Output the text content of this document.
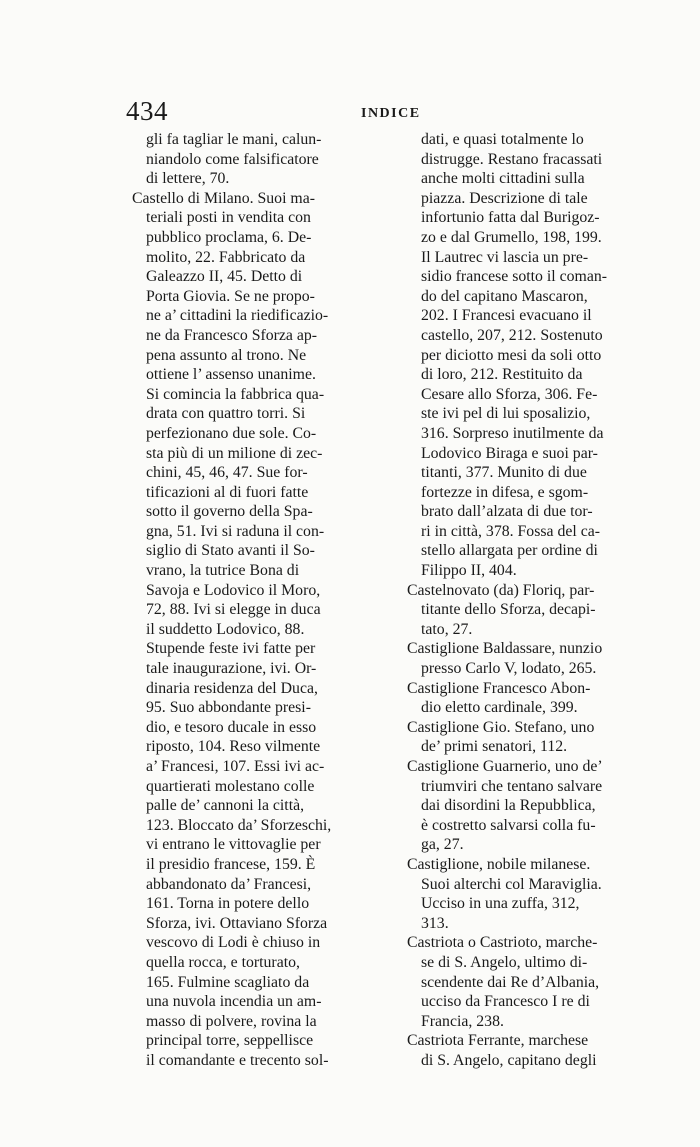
434	INDICE
gli fa tagliar le mani, calun-
niandolo come falsificatore
di lettere, 70.
Castello di Milano. Suoi ma-
teriali posti in vendita con
pubblico proclama, 6. De-
molito, 22. Fabbricato da
Galeazzo II, 45. Detto di
Porta Giovia. Se ne propo-
ne a’ cittadini la riedificazio-
ne da Francesco Sforza ap-
pena assunto al trono. Ne
ottiene l’ assenso unanime.
Si comincia la fabbrica qua-
drata con quattro torri. Si
perfezionano due sole. Co-
sta più di un milione di zec-
chini, 45, 46, 47. Sue for-
tificazioni al di fuori fatte
sotto il governo della Spa-
gna, 51. Ivi si raduna il con-
siglio di Stato avanti il So-
vrano, la tutrice Bona di
Savoja e Lodovico il Moro,
72, 88. Ivi si elegge in duca
il suddetto Lodovico, 88.
Stupende feste ivi fatte per
tale inaugurazione, ivi. Or-
dinaria residenza del Duca,
95. Suo abbondante presi-
dio, e tesoro ducale in esso
riposto, 104. Reso vilmente
a’ Francesi, 107. Essi ivi ac-
quartierati molestano colle
palle de’ cannoni la città,
123. Bloccato da’ Sforzeschi,
vi entrano le vittovaglie per
il presidio francese, 159. È
abbandonato da’ Francesi,
161. Torna in potere dello
Sforza, ivi. Ottaviano Sforza
vescovo di Lodi è chiuso in
quella rocca, e torturato,
165. Fulmine scagliato da
una nuvola incendia un am-
masso di polvere, rovina la
principal torre, seppellisce
il comandante e trecento sol-
dati, e quasi totalmente lo
distrugge. Restano fracassati
anche molti cittadini sulla
piazza. Descrizione di tale
infortunio fatta dal Burigoz-
zo e dal Grumello, 198, 199.
Il Lautrec vi lascia un pre-
sidio francese sotto il coman-
do del capitano Mascaron,
202. I Francesi evacuano il
castello, 207, 212. Sostenuto
per diciotto mesi da soli otto
di loro, 212. Restituito da
Cesare allo Sforza, 306. Fe-
ste ivi pel di lui sposalizio,
316. Sorpreso inutilmente da
Lodovico Biraga e suoi par-
titanti, 377. Munito di due
fortezze in difesa, e sgom-
brato dall’alzata di due tor-
ri in città, 378. Fossa del ca-
stello allargata per ordine di
Filippo II, 404.
Castelnovato (da) Floriq, par-
titante dello Sforza, decapi-
tato, 27.
Castiglione Baldassare, nunzio
presso Carlo V, lodato, 265.
Castiglione Francesco Abon-
dio eletto cardinale, 399.
Castiglione Gio. Stefano, uno
de’ primi senatori, 112.
Castiglione Guarnerio, uno de’
triumviri che tentano salvare
dai disordini la Repubblica,
è costretto salvarsi colla fu-
ga, 27.
Castiglione, nobile milanese.
Suoi alterchi col Maraviglia.
Ucciso in una zuffa, 312,
313.
Castriota o Castrioto, marche-
se di S. Angelo, ultimo di-
scendente dai Re d’Albania,
ucciso da Francesco I re di
Francia, 238.
Castriota Ferrante, marchese
di S. Angelo, capitano degli
